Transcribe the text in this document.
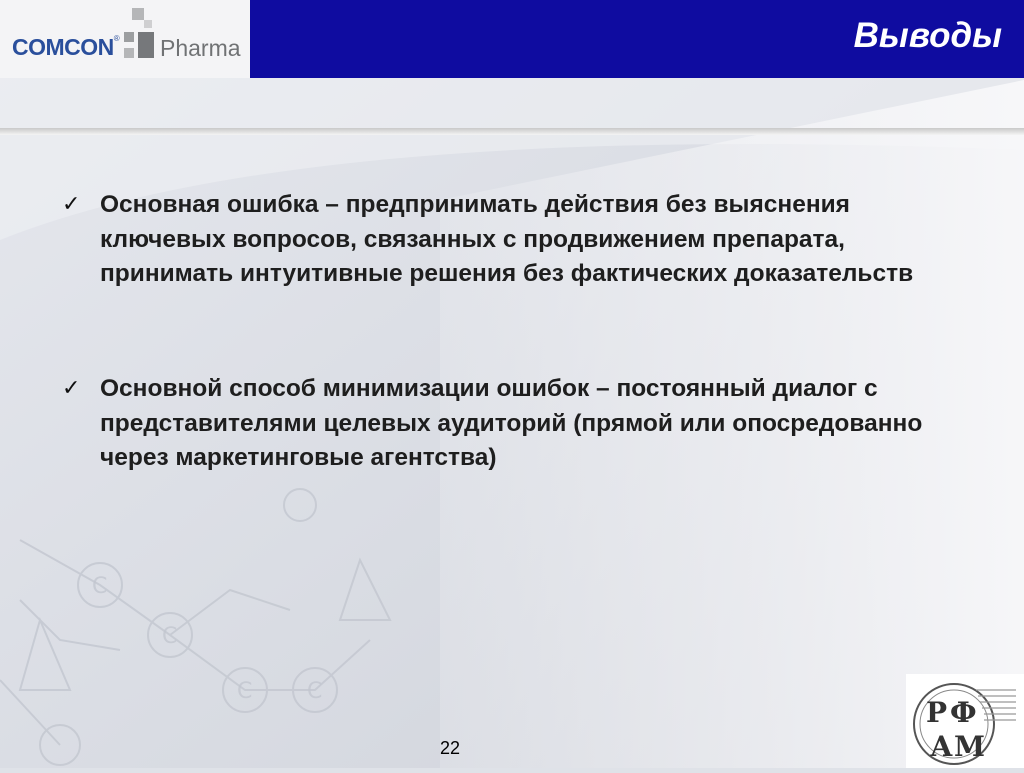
C
C
C C
COMCON® Pharma	Выводы
✓ Основная ошибка – предпринимать действия без выяснения ключевых вопросов, связанных с продвижением препарата, принимать интуитивные решения без фактических доказательств
✓ Основной способ минимизации ошибок – постоянный диалог с представителями целевых аудиторий (прямой или опосредованно через маркетинговые агентства)
22
Р Ф
А М
